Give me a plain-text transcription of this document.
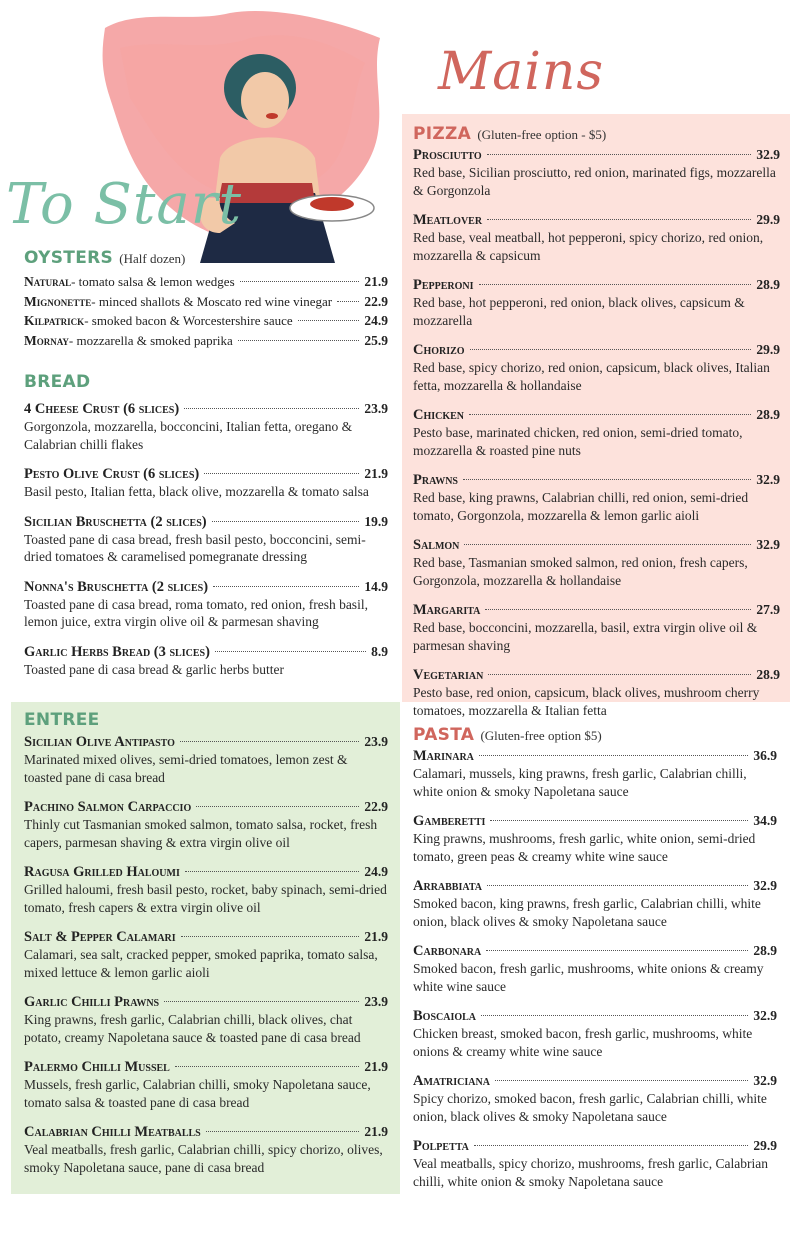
To Start
Mains
OYSTERS (Half dozen)
Natural - tomato salsa & lemon wedges	21.9
Mignonette - minced shallots & Moscato red wine vinegar 22.9
Kilpatrick - smoked bacon & Worcestershire sauce	24.9
Mornay - mozzarella & smoked paprika	25.9
BREAD
4 Cheese Crust (6 slices)	23.9
Gorgonzola, mozzarella, bocconcini, Italian fetta, oregano & Calabrian chilli flakes
Pesto Olive Crust (6 slices)	21.9
Basil pesto, Italian fetta, black olive, mozzarella & tomato salsa
Sicilian Bruschetta (2 slices)	19.9
Toasted pane di casa bread, fresh basil pesto, bocconcini, semi-dried tomatoes & caramelised pomegranate dressing
Nonna's Bruschetta (2 slices)	14.9
Toasted pane di casa bread, roma tomato, red onion, fresh basil, lemon juice, extra virgin olive oil & parmesan shaving
Garlic Herbs Bread (3 slices)	8.9
Toasted pane di casa bread & garlic herbs butter
PIZZA (Gluten-free option - $5)
Prosciutto	32.9
Red base, Sicilian prosciutto, red onion, marinated figs, mozzarella & Gorgonzola
Meatlover	29.9
Red base, veal meatball, hot pepperoni, spicy chorizo, red onion, mozzarella & capsicum
Pepperoni	28.9
Red base, hot pepperoni, red onion, black olives, capsicum & mozzarella
Chorizo	29.9
Red base, spicy chorizo, red onion, capsicum, black olives, Italian fetta, mozzarella & hollandaise
Chicken	28.9
Pesto base, marinated chicken, red onion, semi-dried tomato, mozzarella & roasted pine nuts
Prawns	32.9
Red base, king prawns, Calabrian chilli, red onion, semi-dried tomato, Gorgonzola, mozzarella & lemon garlic aioli
Salmon	32.9
Red base, Tasmanian smoked salmon, red onion, fresh capers, Gorgonzola, mozzarella & hollandaise
Margarita	27.9
Red base, bocconcini, mozzarella, basil, extra virgin olive oil & parmesan shaving
Vegetarian	28.9
Pesto base, red onion, capsicum, black olives, mushroom cherry tomatoes, mozzarella & Italian fetta
ENTREE
Sicilian Olive Antipasto	23.9
Marinated mixed olives, semi-dried tomatoes, lemon zest & toasted pane di casa bread
Pachino Salmon Carpaccio	22.9
Thinly cut Tasmanian smoked salmon, tomato salsa, rocket, fresh capers, parmesan shaving & extra virgin olive oil
Ragusa Grilled Haloumi	24.9
Grilled haloumi, fresh basil pesto, rocket, baby spinach, semi-dried tomato, fresh capers & extra virgin olive oil
Salt & Pepper Calamari	21.9
Calamari, sea salt, cracked pepper, smoked paprika, tomato salsa, mixed lettuce & lemon garlic aioli
Garlic Chilli Prawns	23.9
King prawns, fresh garlic, Calabrian chilli, black olives, chat potato, creamy Napoletana sauce & toasted pane di casa bread
Palermo Chilli Mussel	21.9
Mussels, fresh garlic, Calabrian chilli, smoky Napoletana sauce, tomato salsa & toasted pane di casa bread
Calabrian Chilli Meatballs	21.9
Veal meatballs, fresh garlic, Calabrian chilli, spicy chorizo, olives, smoky Napoletana sauce, pane di casa bread
PASTA (Gluten-free option $5)
Marinara	36.9
Calamari, mussels, king prawns, fresh garlic, Calabrian chilli, white onion & smoky Napoletana sauce
Gamberetti	34.9
King prawns, mushrooms, fresh garlic, white onion, semi-dried tomato, green peas & creamy white wine sauce
Arrabbiata	32.9
Smoked bacon, king prawns, fresh garlic, Calabrian chilli, white onion, black olives & smoky Napoletana sauce
Carbonara	28.9
Smoked bacon, fresh garlic, mushrooms, white onions & creamy white wine sauce
Boscaiola	32.9
Chicken breast, smoked bacon, fresh garlic, mushrooms, white onions & creamy white wine sauce
Amatriciana	32.9
Spicy chorizo, smoked bacon, fresh garlic, Calabrian chilli, white onion, black olives & smoky Napoletana sauce
Polpetta	29.9
Veal meatballs, spicy chorizo, mushrooms, fresh garlic, Calabrian chilli, white onion & smoky Napoletana sauce
